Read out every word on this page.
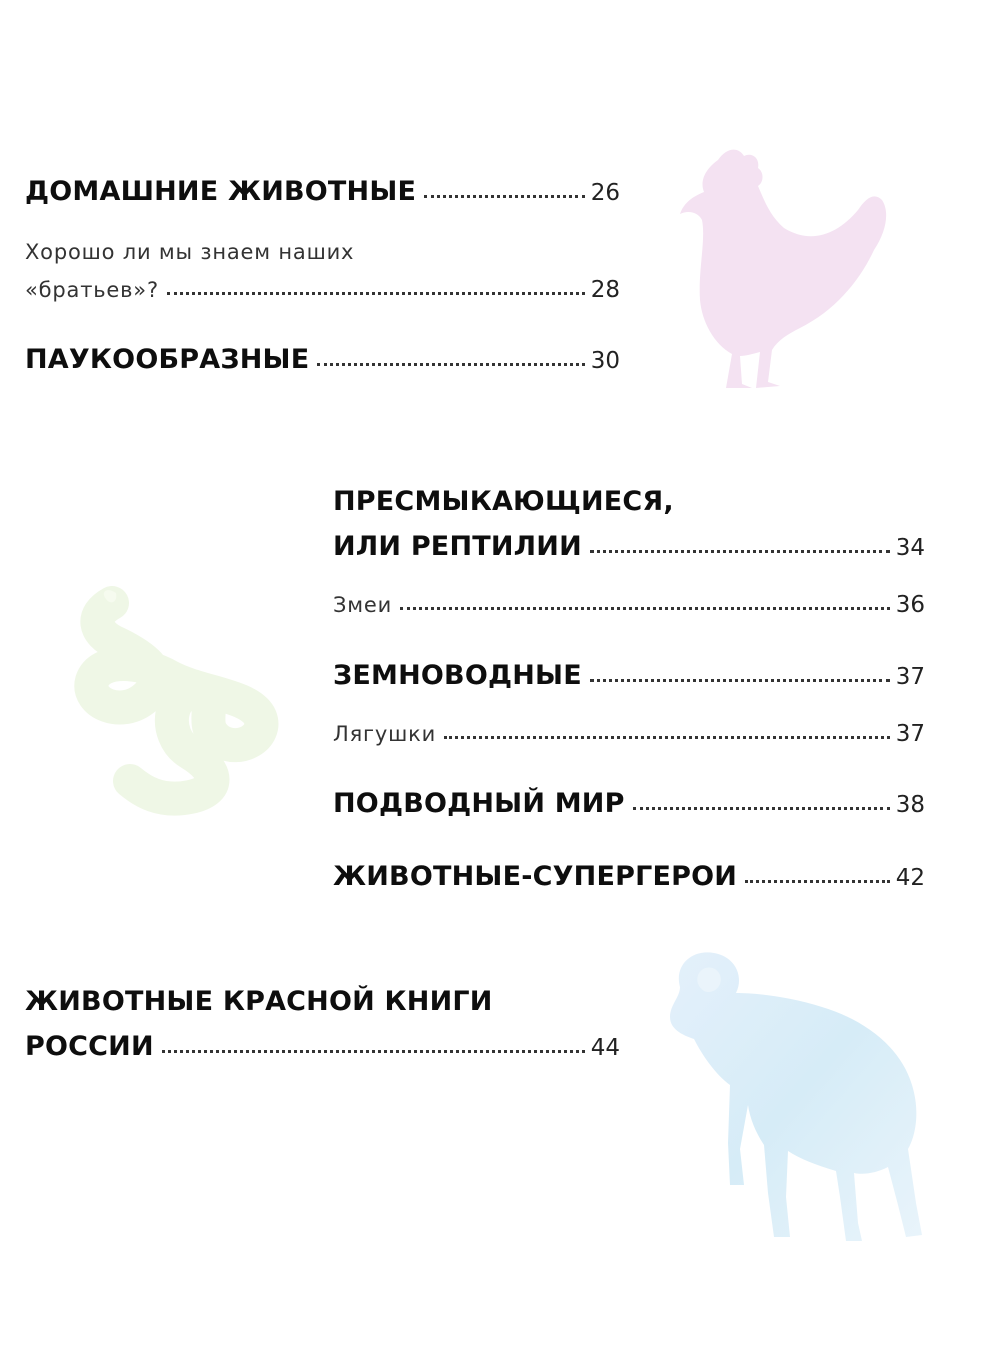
ДОМАШНИЕ ЖИВОТНЫЕ	26
Хорошо ли мы знаем наших
«братьев»?	28
ПАУКООБРАЗНЫЕ	30
ПРЕСМЫКАЮЩИЕСЯ,
ИЛИ РЕПТИЛИИ	34
Змеи	36
ЗЕМНОВОДНЫЕ	37
Лягушки	37
ПОДВОДНЫЙ МИР	38
ЖИВОТНЫЕ-СУПЕРГЕРОИ	42
ЖИВОТНЫЕ КРАСНОЙ КНИГИ
РОССИИ	44
